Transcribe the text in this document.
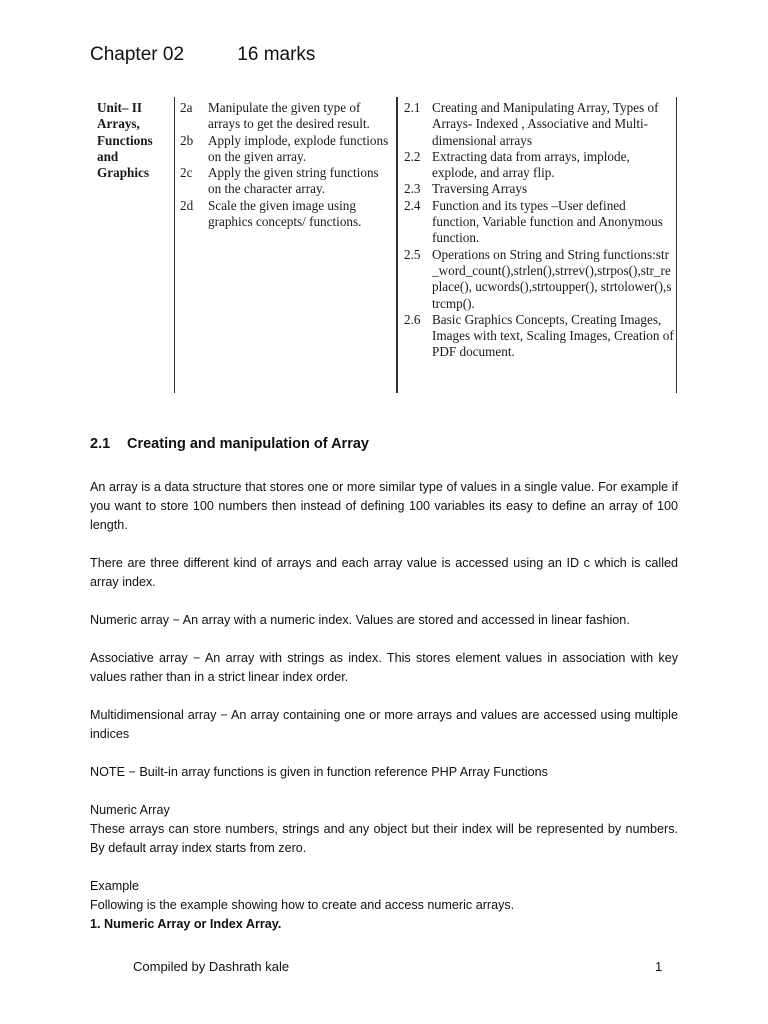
Chapter 02	16 marks
Unit– II Arrays, Functions and Graphics
2a	Manipulate the given type of arrays to get the desired result.
2b	Apply implode, explode functions on the given array.
2c	Apply the given string functions on the character array.
2d	Scale the given image using graphics concepts/ functions.
2.1 Creating and Manipulating Array, Types of Arrays- Indexed , Associative and Multi-dimensional arrays
2.2 Extracting data from arrays, implode, explode, and array flip.
2.3 Traversing Arrays
2.4 Function and its types –User defined function, Variable function and Anonymous function.
2.5 Operations on String and String functions:str_word_count(),strlen(),strrev(),strpos(),str_replace(), ucwords(),strtoupper(), strtolower(),strcmp().
2.6 Basic Graphics Concepts, Creating Images, Images with text, Scaling Images, Creation of PDF document.
2.1 Creating and manipulation of Array
An array is a data structure that stores one or more similar type of values in a single value. For example if you want to store 100 numbers then instead of defining 100 variables its easy to define an array of 100 length.
There are three different kind of arrays and each array value is accessed using an ID c which is called array index.
Numeric array − An array with a numeric index. Values are stored and accessed in linear fashion.
Associative array − An array with strings as index. This stores element values in association with key values rather than in a strict linear index order.
Multidimensional array − An array containing one or more arrays and values are accessed using multiple indices
NOTE − Built-in array functions is given in function reference PHP Array Functions
Numeric Array
These arrays can store numbers, strings and any object but their index will be represented by numbers. By default array index starts from zero.
Example
Following is the example showing how to create and access numeric arrays.
1. Numeric Array or Index Array.
Compiled by Dashrath kale	1
